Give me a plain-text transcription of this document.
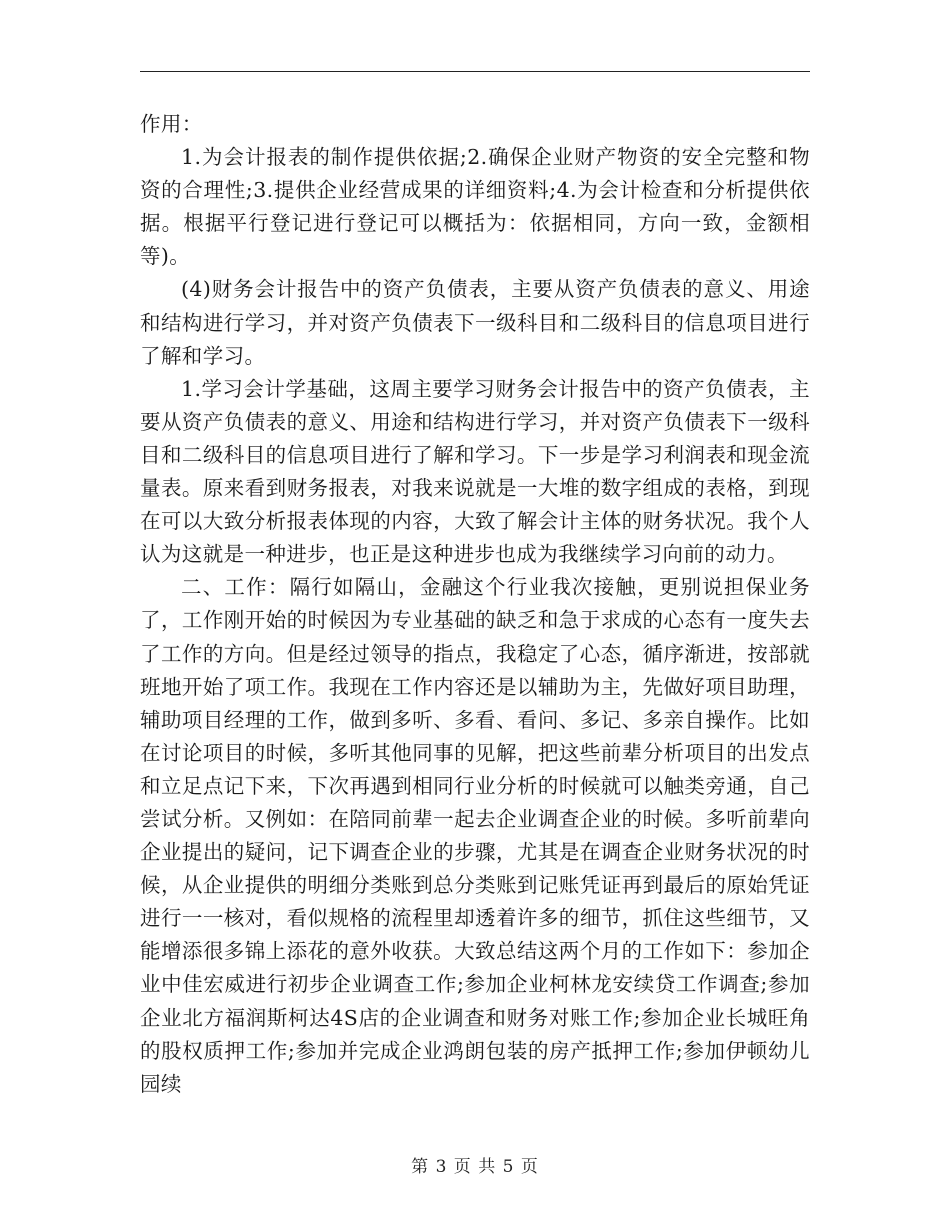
作用：

1.为会计报表的制作提供依据;2.确保企业财产物资的安全完整和物资的合理性;3.提供企业经营成果的详细资料;4.为会计检查和分析提供依据。根据平行登记进行登记可以概括为：依据相同，方向一致，金额相等)。

(4)财务会计报告中的资产负债表，主要从资产负债表的意义、用途和结构进行学习，并对资产负债表下一级科目和二级科目的信息项目进行了解和学习。

1.学习会计学基础，这周主要学习财务会计报告中的资产负债表，主要从资产负债表的意义、用途和结构进行学习，并对资产负债表下一级科目和二级科目的信息项目进行了解和学习。下一步是学习利润表和现金流量表。原来看到财务报表，对我来说就是一大堆的数字组成的表格，到现在可以大致分析报表体现的内容，大致了解会计主体的财务状况。我个人认为这就是一种进步，也正是这种进步也成为我继续学习向前的动力。

二、工作：隔行如隔山，金融这个行业我次接触，更别说担保业务了，工作刚开始的时候因为专业基础的缺乏和急于求成的心态有一度失去了工作的方向。但是经过领导的指点，我稳定了心态，循序渐进，按部就班地开始了项工作。我现在工作内容还是以辅助为主，先做好项目助理，辅助项目经理的工作，做到多听、多看、看问、多记、多亲自操作。比如在讨论项目的时候，多听其他同事的见解，把这些前辈分析项目的出发点和立足点记下来，下次再遇到相同行业分析的时候就可以触类旁通，自己尝试分析。又例如：在陪同前辈一起去企业调查企业的时候。多听前辈向企业提出的疑问，记下调查企业的步骤，尤其是在调查企业财务状况的时候，从企业提供的明细分类账到总分类账到记账凭证再到最后的原始凭证进行一一核对，看似规格的流程里却透着许多的细节，抓住这些细节，又能增添很多锦上添花的意外收获。大致总结这两个月的工作如下：参加企业中佳宏威进行初步企业调查工作;参加企业柯林龙安续贷工作调查;参加企业北方福润斯柯达4S店的企业调查和财务对账工作;参加企业长城旺角的股权质押工作;参加并完成企业鸿朗包装的房产抵押工作;参加伊顿幼儿园续

第 3 页 共 5 页
